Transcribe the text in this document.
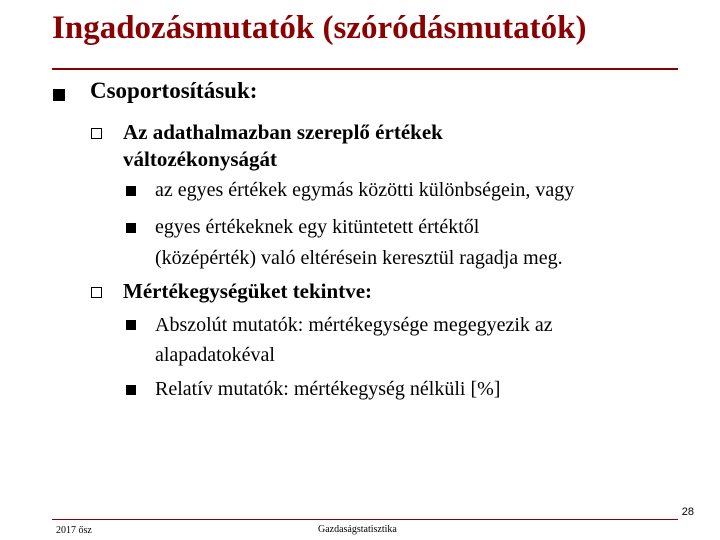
Ingadozásmutatók (szóródásmutatók)
Csoportosításuk:
Az adathalmazban szereplő értékek
változékonyságát
az egyes értékek egymás közötti különbségein, vagy
egyes értékeknek egy kitüntetett értéktől
(középérték) való eltérésein keresztül ragadja meg.
Mértékegységüket tekintve:
Abszolút mutatók: mértékegysége megegyezik az
alapadatokéval
Relatív mutatók: mértékegység nélküli [%]
28
2017 ősz	Gazdaságstatisztika
